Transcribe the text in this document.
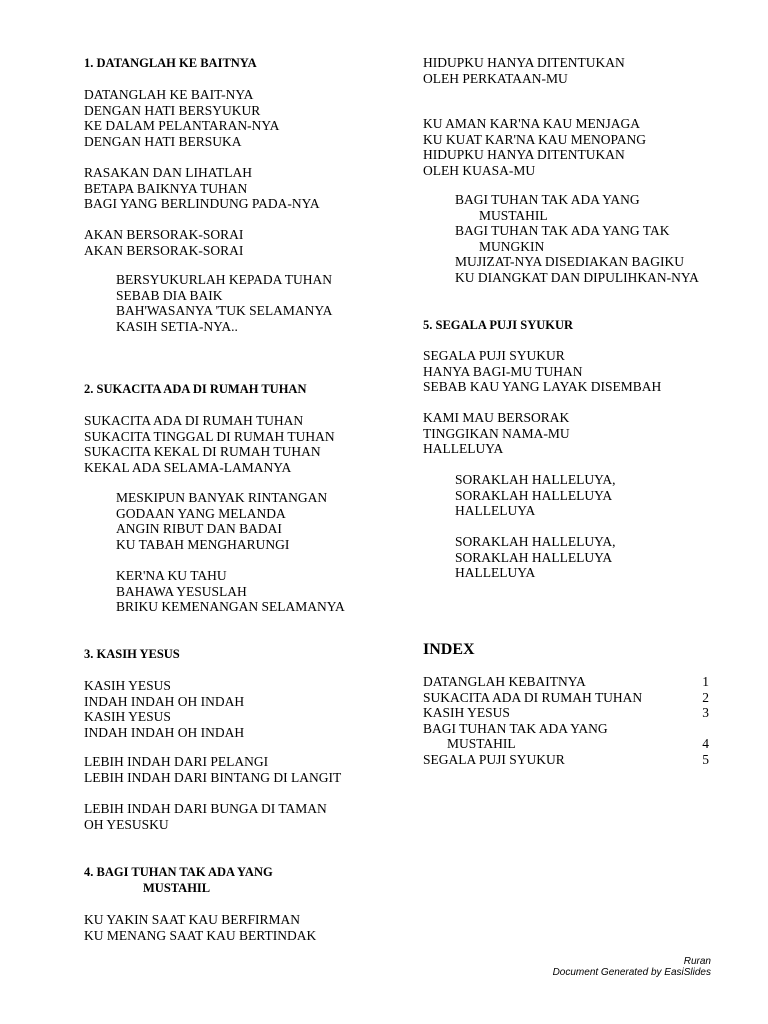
1. DATANGLAH KE BAITNYA
DATANGLAH KE BAIT-NYA
DENGAN HATI BERSYUKUR
KE DALAM PELANTARAN-NYA
DENGAN HATI BERSUKA
RASAKAN DAN LIHATLAH
BETAPA BAIKNYA TUHAN
BAGI YANG BERLINDUNG PADA-NYA
AKAN BERSORAK-SORAI
AKAN BERSORAK-SORAI
BERSYUKURLAH KEPADA TUHAN
SEBAB DIA BAIK
BAH'WASANYA 'TUK SELAMANYA
KASIH SETIA-NYA..
2. SUKACITA ADA DI RUMAH TUHAN
SUKACITA ADA DI RUMAH TUHAN
SUKACITA TINGGAL DI RUMAH TUHAN
SUKACITA KEKAL DI RUMAH TUHAN
KEKAL ADA SELAMA-LAMANYA
MESKIPUN BANYAK RINTANGAN
GODAAN YANG MELANDA
ANGIN RIBUT DAN BADAI
KU TABAH MENGHARUNGI
KER'NA KU TAHU
BAHAWA YESUSLAH
BRIKU KEMENANGAN SELAMANYA
3. KASIH YESUS
KASIH YESUS
INDAH INDAH OH INDAH
KASIH YESUS
INDAH INDAH OH INDAH
LEBIH INDAH DARI PELANGI
LEBIH INDAH DARI BINTANG DI LANGIT
LEBIH INDAH DARI BUNGA DI TAMAN
OH YESUSKU
4. BAGI TUHAN TAK ADA YANG
MUSTAHIL
KU YAKIN SAAT KAU BERFIRMAN
KU MENANG SAAT KAU BERTINDAK
HIDUPKU HANYA DITENTUKAN
OLEH PERKATAAN-MU
KU AMAN KAR'NA KAU MENJAGA
KU KUAT KAR'NA KAU MENOPANG
HIDUPKU HANYA DITENTUKAN
OLEH KUASA-MU
BAGI TUHAN TAK ADA YANG
MUSTAHIL
BAGI TUHAN TAK ADA YANG TAK
MUNGKIN
MUJIZAT-NYA DISEDIAKAN BAGIKU
KU DIANGKAT DAN DIPULIHKAN-NYA
5. SEGALA PUJI SYUKUR
SEGALA PUJI SYUKUR
HANYA BAGI-MU TUHAN
SEBAB KAU YANG LAYAK DISEMBAH
KAMI MAU BERSORAK
TINGGIKAN NAMA-MU
HALLELUYA
SORAKLAH HALLELUYA,
SORAKLAH HALLELUYA
HALLELUYA
SORAKLAH HALLELUYA,
SORAKLAH HALLELUYA
HALLELUYA
INDEX
DATANGLAH KEBAITNYA	1
SUKACITA ADA DI RUMAH TUHAN	2
KASIH YESUS	3
BAGI TUHAN TAK ADA YANG
MUSTAHIL	4
SEGALA PUJI SYUKUR	5
Ruran
Document Generated by EasiSlides
